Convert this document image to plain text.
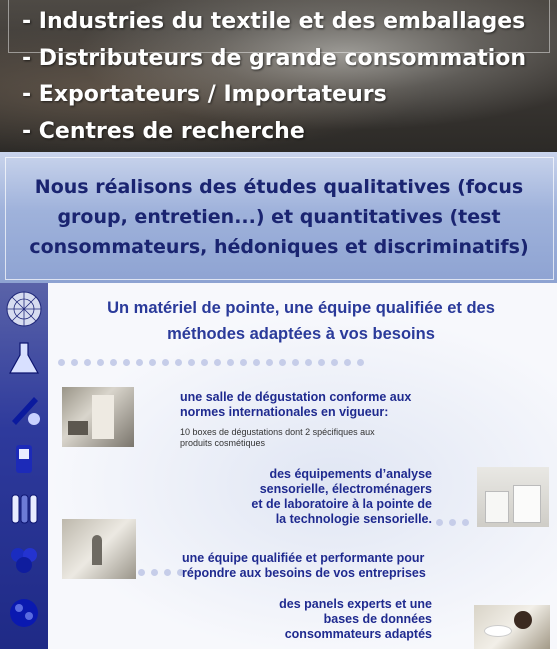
- Industries du textile et des emballages
- Distributeurs de grande consommation
- Exportateurs / Importateurs
- Centres de recherche

Nous réalisons des études qualitatives (focus group, entretien...) et quantitatives (test consommateurs, hédoniques et discriminatifs)

Un matériel de pointe, une équipe qualifiée et des
méthodes adaptées à vos besoins
une salle de dégustation conforme aux
normes internationales en vigueur:
10 boxes de dégustations dont 2 spécifiques aux
produits cosmétiques
des équipements d’analyse
sensorielle, électroménagers
et de laboratoire à la pointe de
la technologie sensorielle.
une équipe qualifiée et performante pour
répondre aux besoins de vos entreprises
des panels experts et une
bases de données
consommateurs adaptés
